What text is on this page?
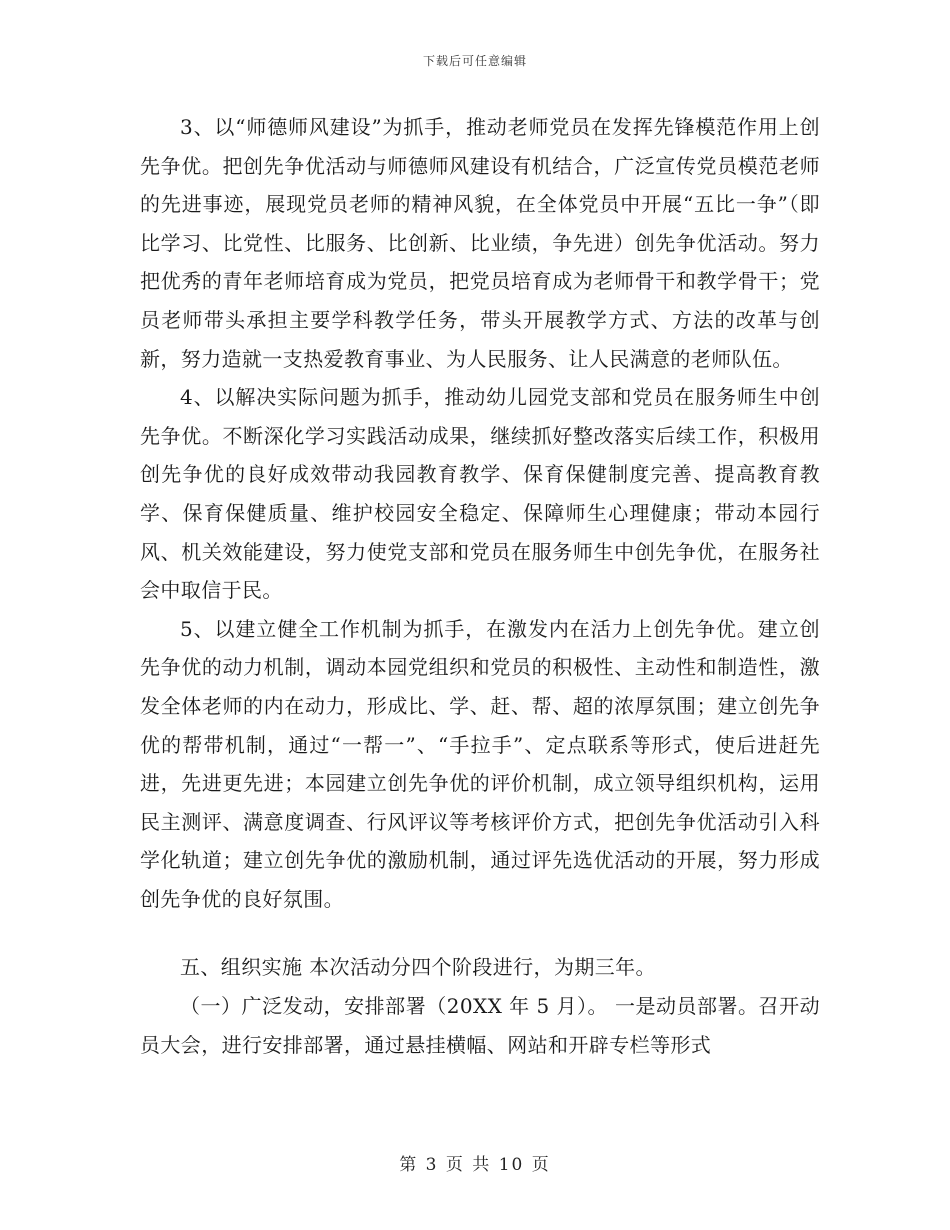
下载后可任意编辑

3、以“师德师风建设”为抓手，推动老师党员在发挥先锋模范作用上创先争优。把创先争优活动与师德师风建设有机结合，广泛宣传党员模范老师的先进事迹，展现党员老师的精神风貌，在全体党员中开展“五比一争”（即比学习、比党性、比服务、比创新、比业绩，争先进）创先争优活动。努力把优秀的青年老师培育成为党员，把党员培育成为老师骨干和教学骨干；党员老师带头承担主要学科教学任务，带头开展教学方式、方法的改革与创新，努力造就一支热爱教育事业、为人民服务、让人民满意的老师队伍。

4、以解决实际问题为抓手，推动幼儿园党支部和党员在服务师生中创先争优。不断深化学习实践活动成果，继续抓好整改落实后续工作，积极用创先争优的良好成效带动我园教育教学、保育保健制度完善、提高教育教学、保育保健质量、维护校园安全稳定、保障师生心理健康；带动本园行风、机关效能建设，努力使党支部和党员在服务师生中创先争优，在服务社会中取信于民。

5、以建立健全工作机制为抓手，在激发内在活力上创先争优。建立创先争优的动力机制，调动本园党组织和党员的积极性、主动性和制造性，激发全体老师的内在动力，形成比、学、赶、帮、超的浓厚氛围；建立创先争优的帮带机制，通过“一帮一”、“手拉手”、定点联系等形式，使后进赶先进，先进更先进；本园建立创先争优的评价机制，成立领导组织机构，运用民主测评、满意度调查、行风评议等考核评价方式，把创先争优活动引入科学化轨道；建立创先争优的激励机制，通过评先选优活动的开展，努力形成创先争优的良好氛围。

五、组织实施 本次活动分四个阶段进行，为期三年。

（一）广泛发动，安排部署（20XX 年 5 月）。 一是动员部署。召开动员大会，进行安排部署，通过悬挂横幅、网站和开辟专栏等形式

第 3 页 共 10 页
